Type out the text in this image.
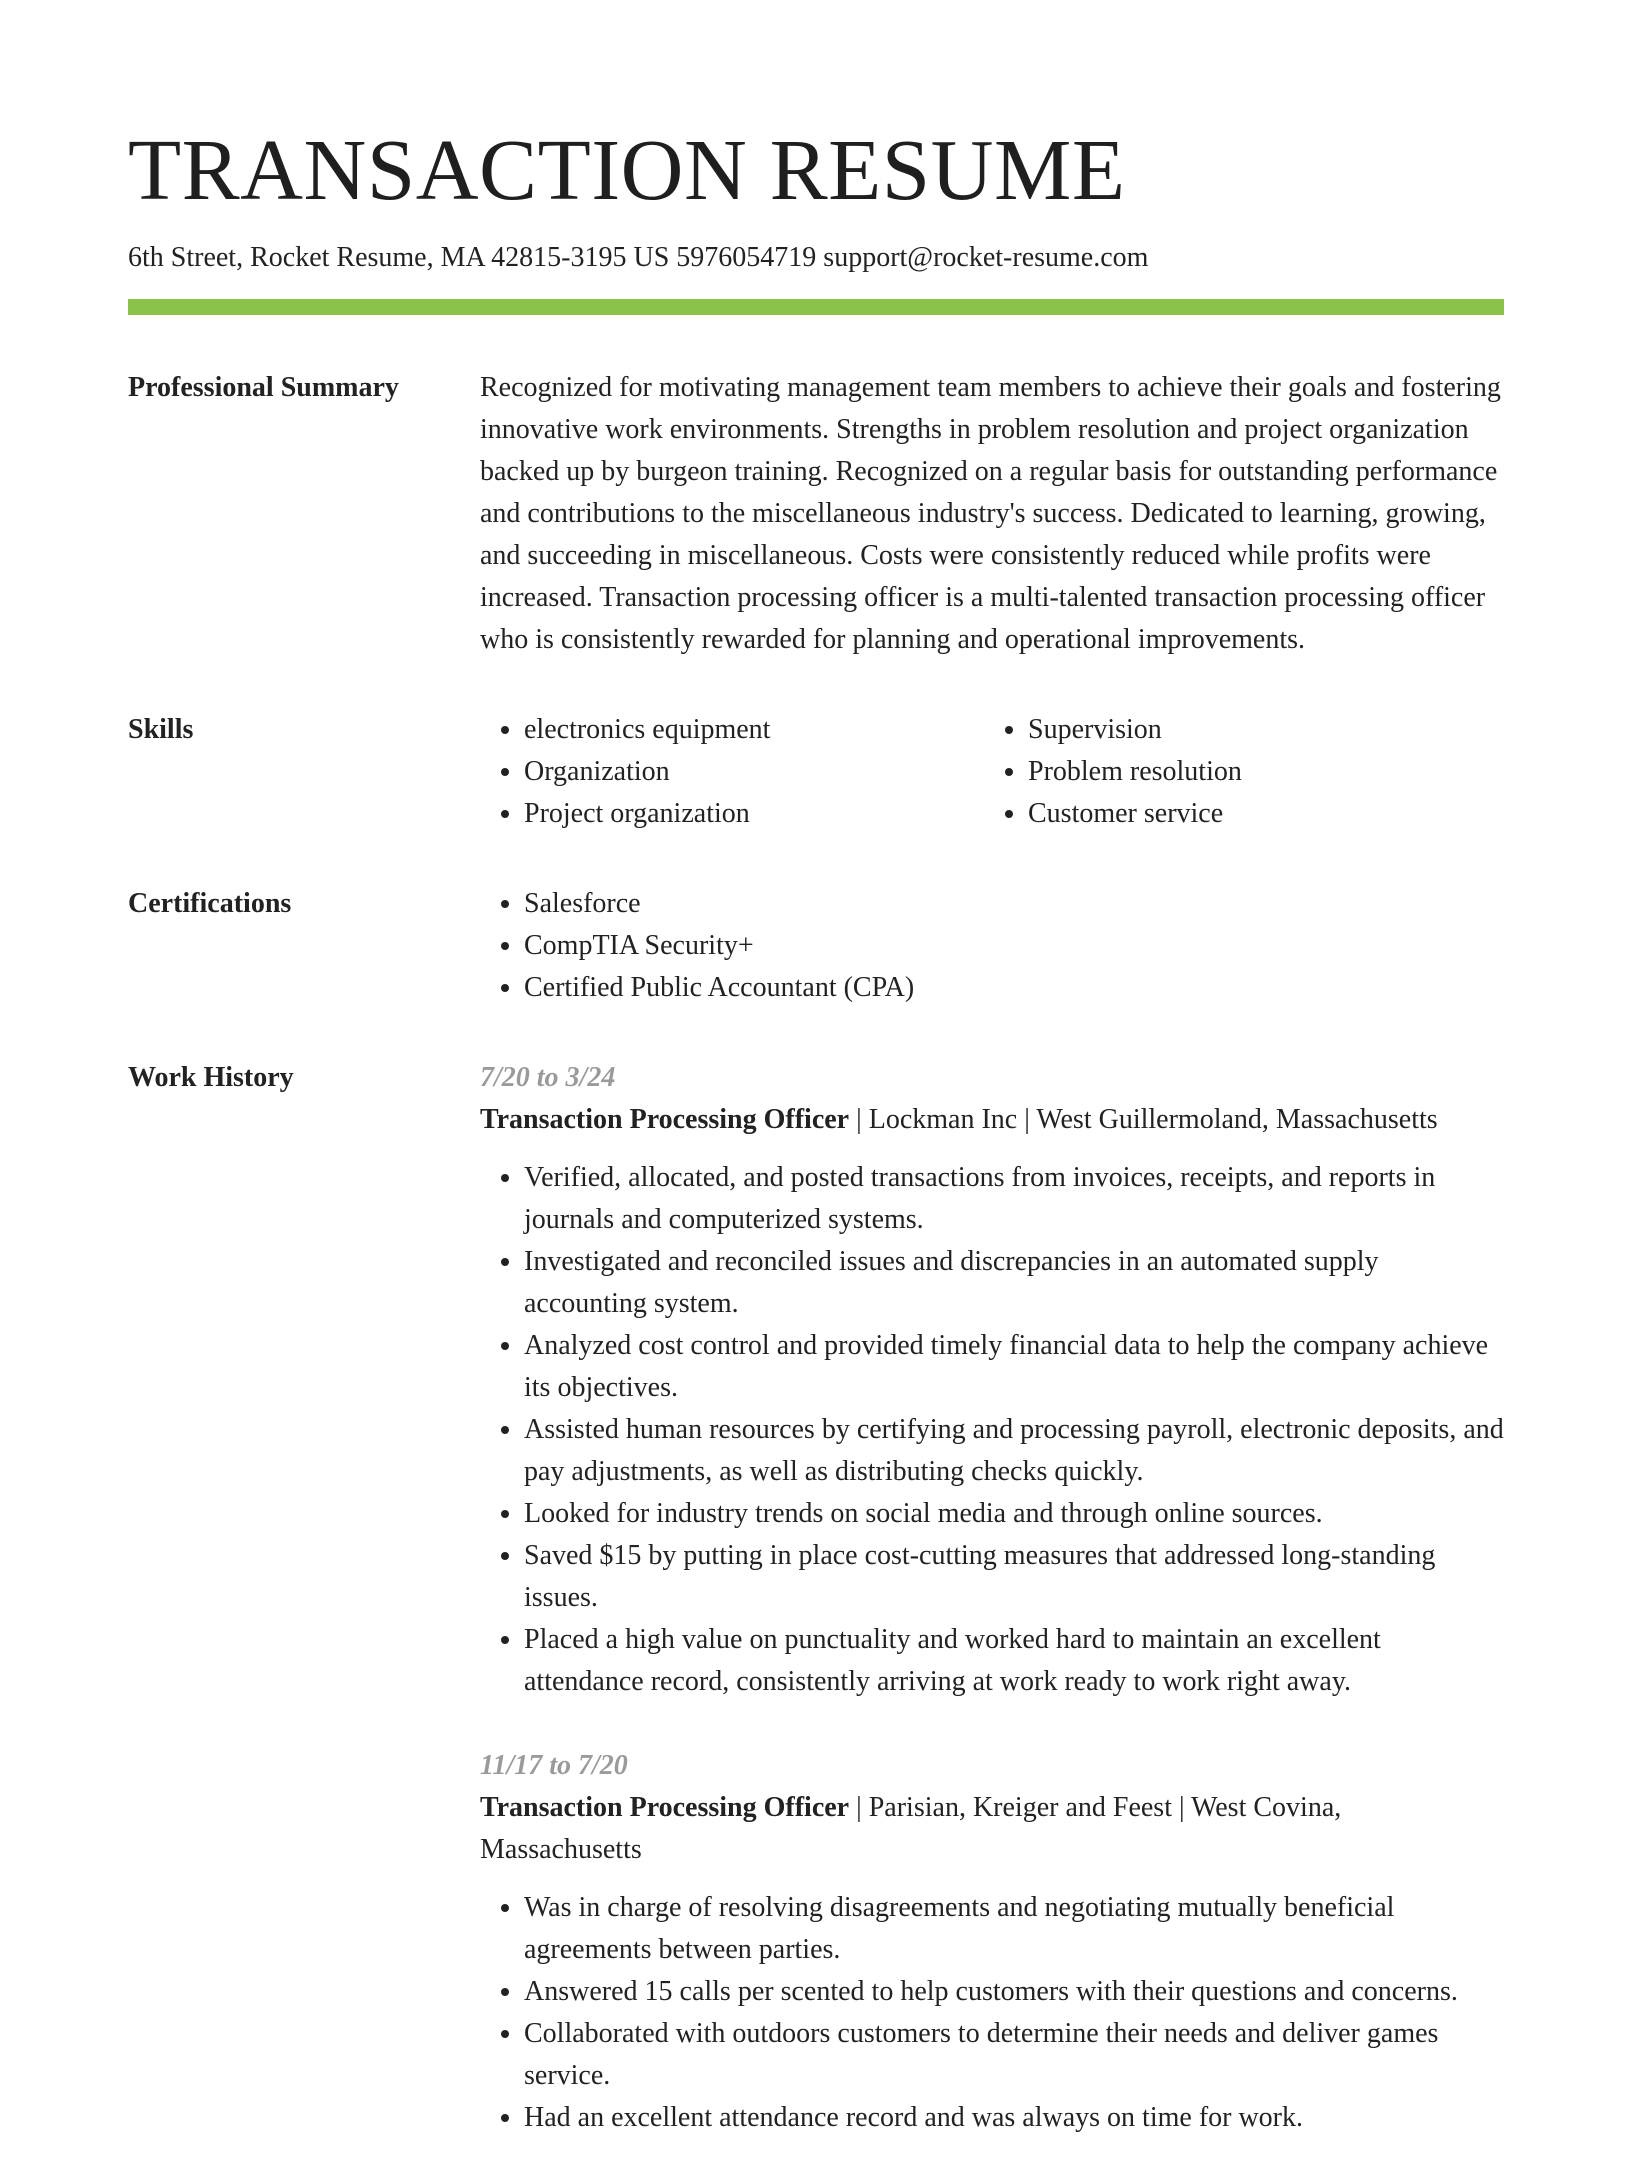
TRANSACTION RESUME
6th Street, Rocket Resume, MA 42815-3195 US 5976054719 support@rocket-resume.com
Professional Summary	Recognized for motivating management team members to achieve their goals and fostering innovative work environments. Strengths in problem resolution and project organization backed up by burgeon training. Recognized on a regular basis for outstanding performance and contributions to the miscellaneous industry's success. Dedicated to learning, growing, and succeeding in miscellaneous. Costs were consistently reduced while profits were increased. Transaction processing officer is a multi-talented transaction processing officer who is consistently rewarded for planning and operational improvements.

Skills	• electronics equipment
• Organization
• Project organization
• Supervision
• Problem resolution
• Customer service
Certifications	• Salesforce
• CompTIA Security+
• Certified Public Accountant (CPA)
Work History	7/20 to 3/24
Transaction Processing Officer | Lockman Inc | West Guillermoland, Massachusetts
• Verified, allocated, and posted transactions from invoices, receipts, and reports in journals and computerized systems.
• Investigated and reconciled issues and discrepancies in an automated supply accounting system.
• Analyzed cost control and provided timely financial data to help the company achieve its objectives.
• Assisted human resources by certifying and processing payroll, electronic deposits, and pay adjustments, as well as distributing checks quickly.
• Looked for industry trends on social media and through online sources.
• Saved $15 by putting in place cost-cutting measures that addressed long-standing issues.
• Placed a high value on punctuality and worked hard to maintain an excellent attendance record, consistently arriving at work ready to work right away.
11/17 to 7/20
Transaction Processing Officer | Parisian, Kreiger and Feest | West Covina, Massachusetts
• Was in charge of resolving disagreements and negotiating mutually beneficial agreements between parties.
• Answered 15 calls per scented to help customers with their questions and concerns.
• Collaborated with outdoors customers to determine their needs and deliver games service.
• Had an excellent attendance record and was always on time for work.
